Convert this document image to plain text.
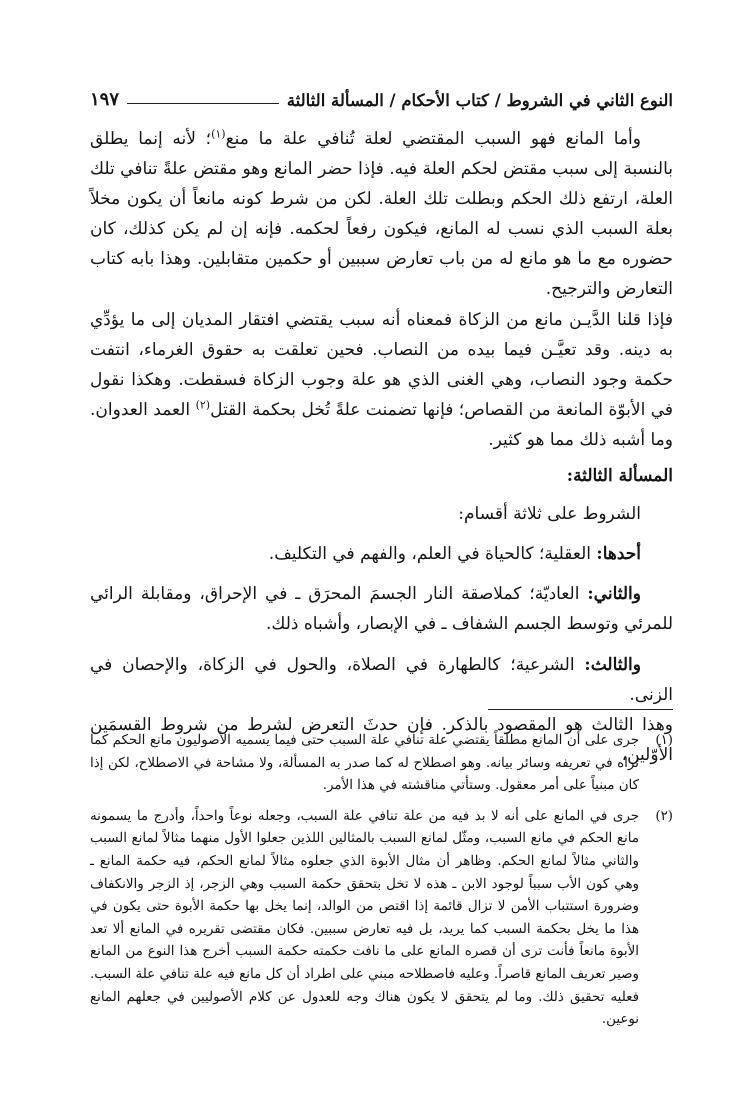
النوع الثاني في الشروط / كتاب الأحكام / المسألة الثالثة
١٩٧

وأما المانع فهو السبب المقتضي لعلة تُنافي علة ما منع$^{(١)}$؛ لأنه إنما يطلق بالنسبة إلى سبب مقتض لحكم العلة فيه. فإذا حضر المانع وهو مقتض علةً تنافي تلك العلة، ارتفع ذلك الحكم وبطلت تلك العلة. لكن من شرط كونه مانعاً أن يكون مخلاً بعلة السبب الذي نسب له المانع، فيكون رفعاً لحكمه. فإنه إن لم يكن كذلك، كان حضوره مع ما هو مانع له من باب تعارض سببين أو حكمين متقابلين. وهذا بابه كتاب التعارض والترجيح.

فإذا قلنا الدَّيـن مانع من الزكاة فمعناه أنه سبب يقتضي افتقار المديان إلى ما يؤدِّي به دينه. وقد تعيَّـن فيما بيده من النصاب. فحين تعلقت به حقوق الغرماء، انتفت حكمة وجود النصاب، وهي الغنى الذي هو علة وجوب الزكاة فسقطت. وهكذا نقول في الأبوّة المانعة من القصاص؛ فإنها تضمنت علةً تُخل بحكمة القتل$^{(٢)}$ العمد العدوان. وما أشبه ذلك مما هو كثير.

المسألة الثالثة:

الشروط على ثلاثة أقسام:

أحدها: العقلية؛ كالحياة في العلم، والفهم في التكليف.

والثاني: العاديّة؛ كملاصقة النار الجسمَ المحرَق ـ في الإحراق، ومقابلة الرائي للمرئي وتوسط الجسم الشفاف ـ في الإبصار، وأشباه ذلك.

والثالث: الشرعية؛ كالطهارة في الصلاة، والحول في الزكاة، والإحصان في الزنى.

وهذا الثالث هو المقصود بالذكر. فإن حدثَ التعرض لشرط من شروط القسمَين الأوّلين،

(١)
جرى على أن المانع مطلقاً يقتضي علة تنافي علة السبب حتى فيما يسميه الأصوليون مانع الحكم كما تراه في تعريفه وسائر بيانه. وهو اصطلاح له كما صدر به المسألة، ولا مشاحة في الاصطلاح، لكن إذا كان مبنياً على أمر معقول. وستأتي مناقشته في هذا الأمر.
(٢)
جرى في المانع على أنه لا بد فيه من علة تنافي علة السبب، وجعله نوعاً واحداً، وأدرج ما يسمونه مانع الحكم في مانع السبب، ومثّل لمانع السبب بالمثالين اللذين جعلوا الأول منهما مثالاً لمانع السبب والثاني مثالاً لمانع الحكم. وظاهر أن مثال الأبوة الذي جعلوه مثالاً لمانع الحكم، فيه حكمة المانع ـ وهي كون الأب سبباً لوجود الابن ـ هذه لا تخل بتحقق حكمة السبب وهي الزجر، إذ الزجر والانكفاف وضرورة استتباب الأمن لا تزال قائمة إذا اقتص من الوالد، إنما يخل بها حكمة الأبوة حتى يكون في هذا ما يخل بحكمة السبب كما يريد، بل فيه تعارض سببين. فكان مقتضى تقريره في المانع ألا تعد الأبوة مانعاً فأنت ترى أن قصره المانع على ما نافت حكمته حكمة السبب أخرج هذا النوع من المانع وصير تعريف المانع قاصراً. وعليه فاصطلاحه مبني على اطراد أن كل مانع فيه علة تنافي علة السبب. فعليه تحقيق ذلك. وما لم يتحقق لا يكون هناك وجه للعدول عن كلام الأصوليين في جعلهم المانع نوعين.
